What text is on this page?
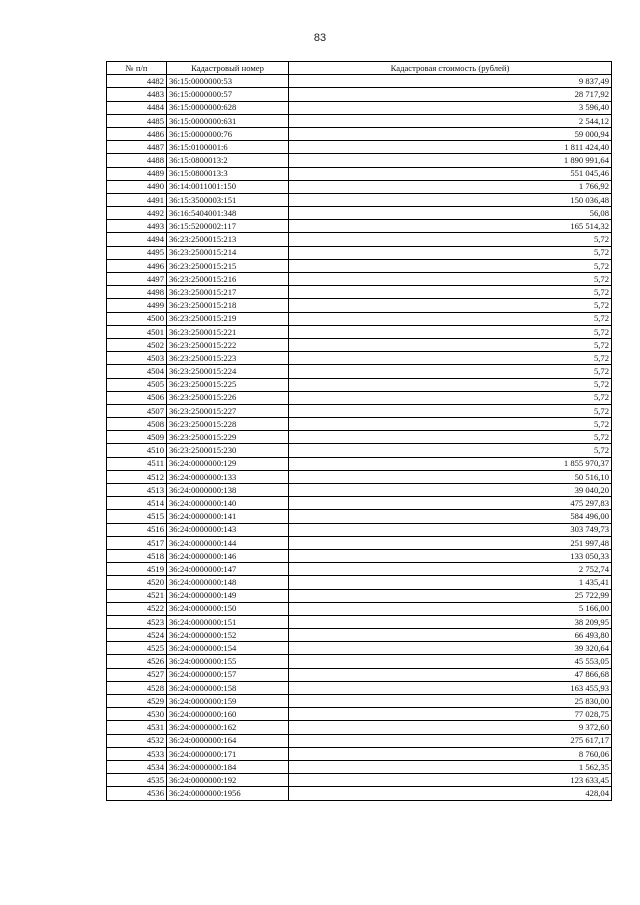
83
№ п/п	Кадастровый номер	Кадастровая стоимость (рублей)
4482	36:15:0000000:53	9 837,49
4483	36:15:0000000:57	28 717,92
4484	36:15:0000000:628	3 596,40
4485	36:15:0000000:631	2 544,12
4486	36:15:0000000:76	59 000,94
4487	36:15:0100001:6	1 811 424,40
4488	36:15:0800013:2	1 890 991,64
4489	36:15:0800013:3	551 045,46
4490	36:14:0011001:150	1 766,92
4491	36:15:3500003:151	150 036,48
4492	36:16:5404001:348	56,08
4493	36:15:5200002:117	165 514,32
4494	36:23:2500015:213	5,72
4495	36:23:2500015:214	5,72
4496	36:23:2500015:215	5,72
4497	36:23:2500015:216	5,72
4498	36:23:2500015:217	5,72
4499	36:23:2500015:218	5,72
4500	36:23:2500015:219	5,72
4501	36:23:2500015:221	5,72
4502	36:23:2500015:222	5,72
4503	36:23:2500015:223	5,72
4504	36:23:2500015:224	5,72
4505	36:23:2500015:225	5,72
4506	36:23:2500015:226	5,72
4507	36:23:2500015:227	5,72
4508	36:23:2500015:228	5,72
4509	36:23:2500015:229	5,72
4510	36:23:2500015:230	5,72
4511	36:24:0000000:129	1 855 970,37
4512	36:24:0000000:133	50 516,10
4513	36:24:0000000:138	39 040,20
4514	36:24:0000000:140	475 297,83
4515	36:24:0000000:141	584 496,00
4516	36:24:0000000:143	303 749,73
4517	36:24:0000000:144	251 997,48
4518	36:24:0000000:146	133 050,33
4519	36:24:0000000:147	2 752,74
4520	36:24:0000000:148	1 435,41
4521	36:24:0000000:149	25 722,99
4522	36:24:0000000:150	5 166,00
4523	36:24:0000000:151	38 209,95
4524	36:24:0000000:152	66 493,80
4525	36:24:0000000:154	39 320,64
4526	36:24:0000000:155	45 553,05
4527	36:24:0000000:157	47 866,68
4528	36:24:0000000:158	163 455,93
4529	36:24:0000000:159	25 830,00
4530	36:24:0000000:160	77 028,75
4531	36:24:0000000:162	9 372,60
4532	36:24:0000000:164	275 617,17
4533	36:24:0000000:171	8 760,06
4534	36:24:0000000:184	1 562,35
4535	36:24:0000000:192	123 633,45
4536	36:24:0000000:1956	428,04
